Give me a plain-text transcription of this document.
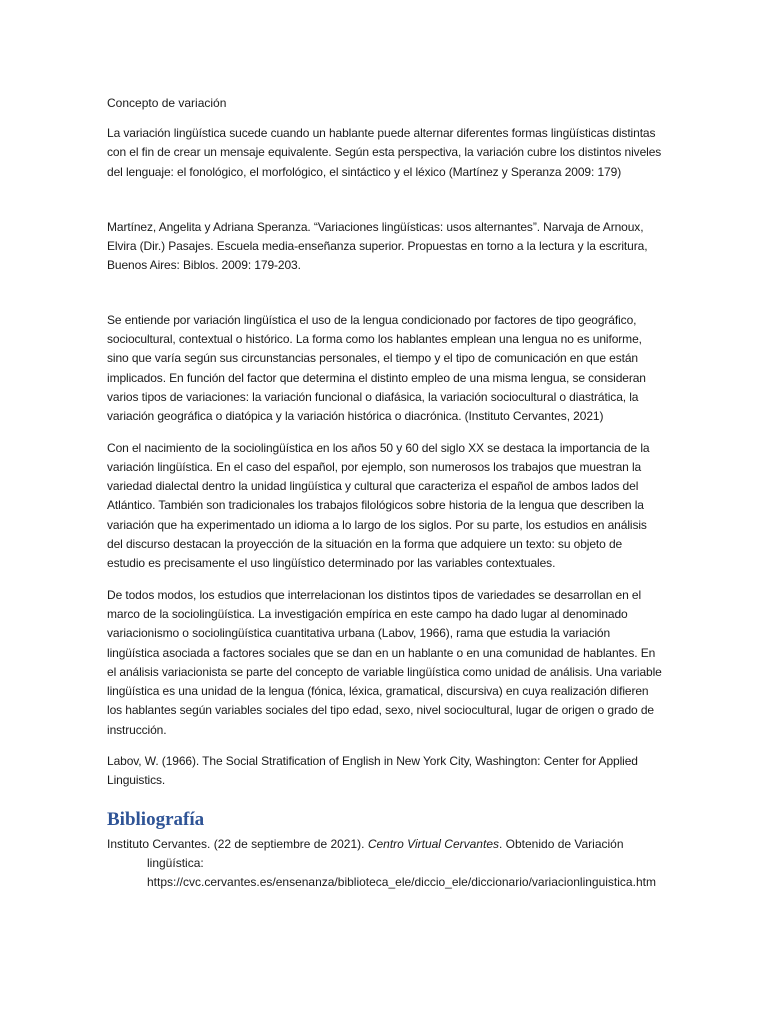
Concepto de variación

La variación lingüística sucede cuando un hablante puede alternar diferentes formas lingüísticas distintas con el fin de crear un mensaje equivalente. Según esta perspectiva, la variación cubre los distintos niveles del lenguaje: el fonológico, el morfológico, el sintáctico y el léxico (Martínez y Speranza 2009: 179)

Martínez, Angelita y Adriana Speranza. “Variaciones lingüísticas: usos alternantes”. Narvaja de Arnoux, Elvira (Dir.) Pasajes. Escuela media-enseñanza superior. Propuestas en torno a la lectura y la escritura, Buenos Aires: Biblos. 2009: 179-203.

Se entiende por variación lingüística el uso de la lengua condicionado por factores de tipo geográfico, sociocultural, contextual o histórico. La forma como los hablantes emplean una lengua no es uniforme, sino que varía según sus circunstancias personales, el tiempo y el tipo de comunicación en que están implicados. En función del factor que determina el distinto empleo de una misma lengua, se consideran varios tipos de variaciones: la variación funcional o diafásica, la variación sociocultural o diastrática, la variación geográfica o diatópica y la variación histórica o diacrónica. (Instituto Cervantes, 2021)

Con el nacimiento de la sociolingüística en los años 50 y 60 del siglo XX se destaca la importancia de la variación lingüística. En el caso del español, por ejemplo, son numerosos los trabajos que muestran la variedad dialectal dentro la unidad lingüística y cultural que caracteriza el español de ambos lados del Atlántico. También son tradicionales los trabajos filológicos sobre historia de la lengua que describen la variación que ha experimentado un idioma a lo largo de los siglos. Por su parte, los estudios en análisis del discurso destacan la proyección de la situación en la forma que adquiere un texto: su objeto de estudio es precisamente el uso lingüístico determinado por las variables contextuales.

De todos modos, los estudios que interrelacionan los distintos tipos de variedades se desarrollan en el marco de la sociolingüística. La investigación empírica en este campo ha dado lugar al denominado variacionismo o sociolingüística cuantitativa urbana (Labov, 1966), rama que estudia la variación lingüística asociada a factores sociales que se dan en un hablante o en una comunidad de hablantes. En el análisis variacionista se parte del concepto de variable lingüística como unidad de análisis. Una variable lingüística es una unidad de la lengua (fónica, léxica, gramatical, discursiva) en cuya realización difieren los hablantes según variables sociales del tipo edad, sexo, nivel sociocultural, lugar de origen o grado de instrucción.

Labov, W. (1966). The Social Stratification of English in New York City, Washington: Center for Applied Linguistics.

Bibliografía

Instituto Cervantes. (22 de septiembre de 2021). Centro Virtual Cervantes. Obtenido de Variación lingüística: https://cvc.cervantes.es/ensenanza/biblioteca_ele/diccio_ele/diccionario/variacionlinguistica.htm
